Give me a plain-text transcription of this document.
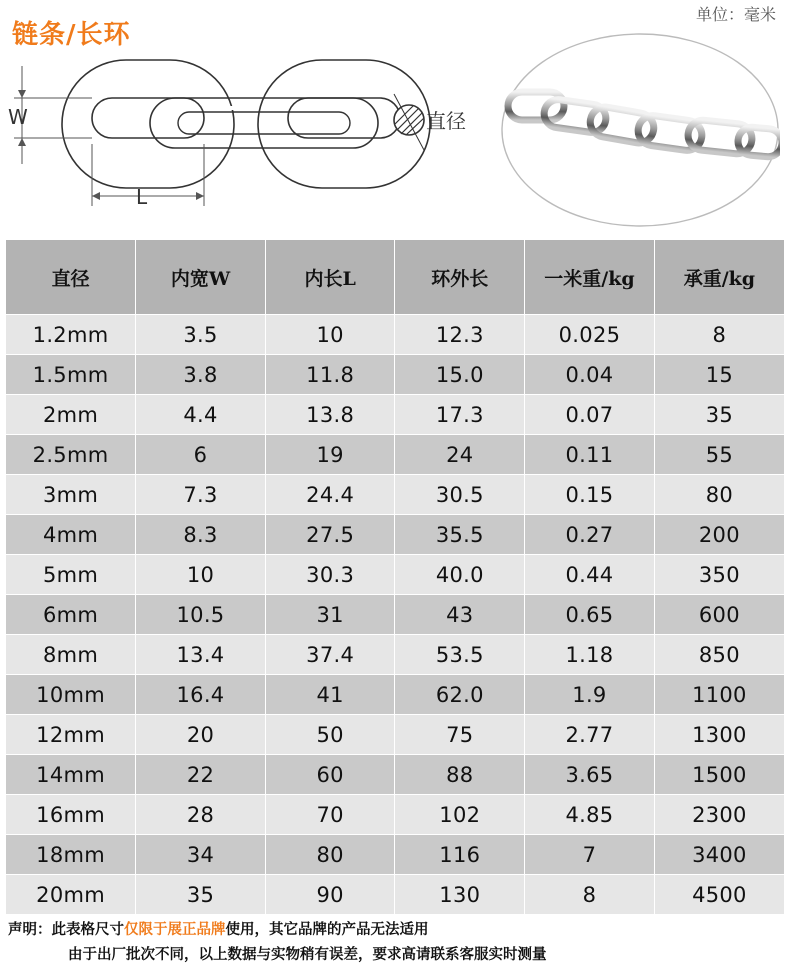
链条/长环
单位：毫米
W
L
直径
直径	内宽W	内长L	环外长	一米重/kg	承重/kg
1.2mm	3.5	10	12.3	0.025	8
1.5mm	3.8	11.8	15.0	0.04	15
2mm	4.4	13.8	17.3	0.07	35
2.5mm	6	19	24	0.11	55
3mm	7.3	24.4	30.5	0.15	80
4mm	8.3	27.5	35.5	0.27	200
5mm	10	30.3	40.0	0.44	350
6mm	10.5	31	43	0.65	600
8mm	13.4	37.4	53.5	1.18	850
10mm	16.4	41	62.0	1.9	1100
12mm	20	50	75	2.77	1300
14mm	22	60	88	3.65	1500
16mm	28	70	102	4.85	2300
18mm	34	80	116	7	3400
20mm	35	90	130	8	4500
声明：此表格尺寸仅限于展正品牌使用，其它品牌的产品无法适用
由于出厂批次不同，以上数据与实物稍有误差，要求高请联系客服实时测量
